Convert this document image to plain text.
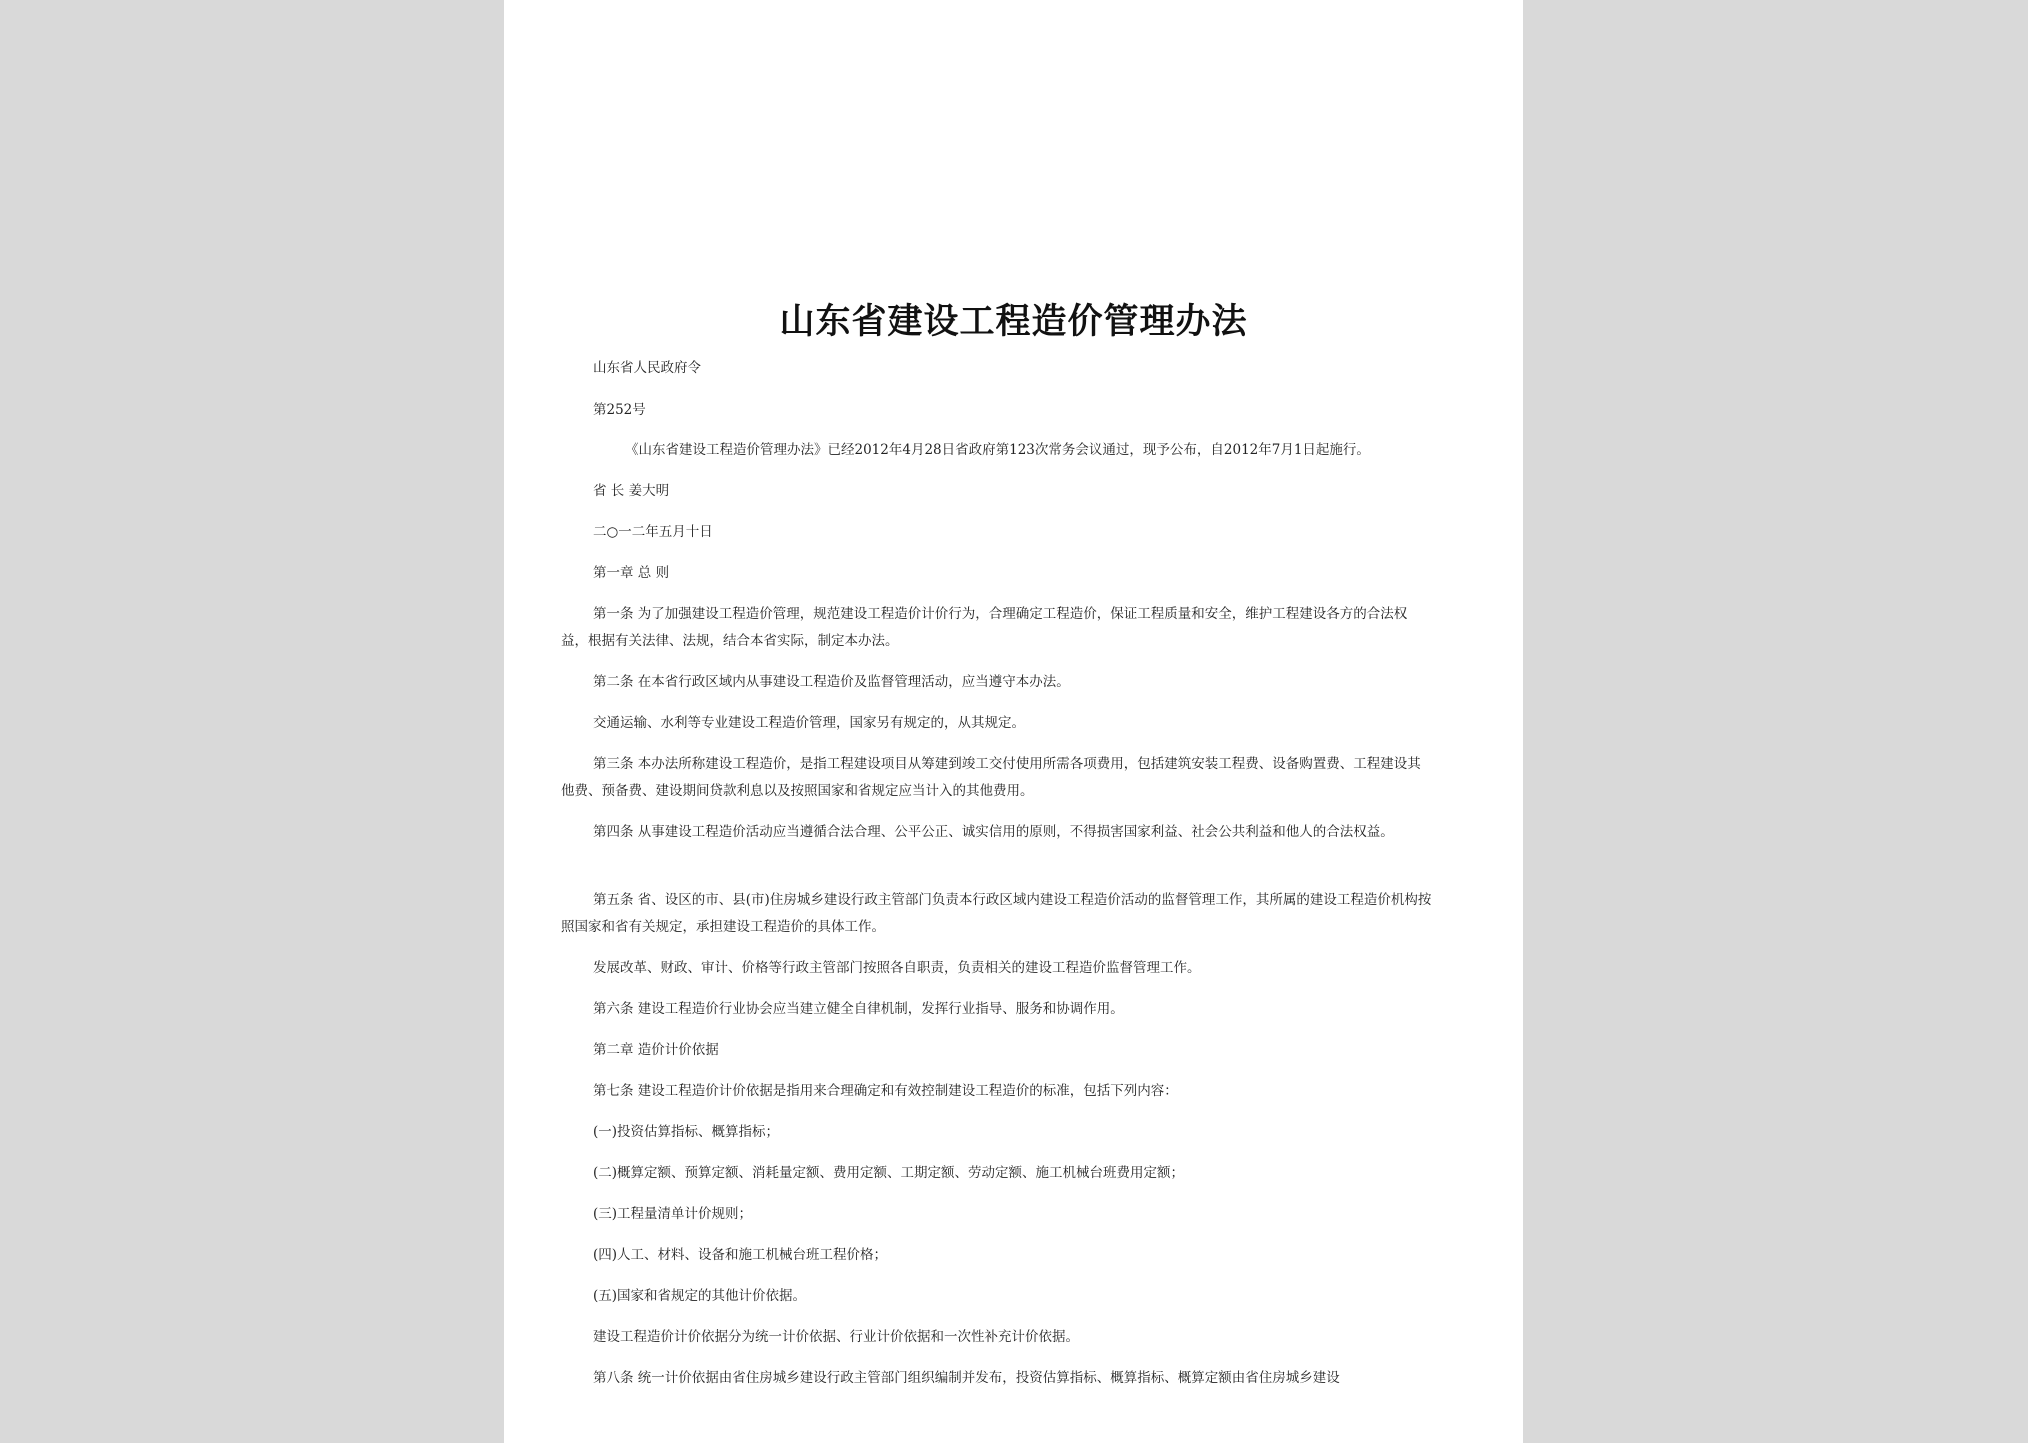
山东省建设工程造价管理办法

山东省人民政府令

第252号

《山东省建设工程造价管理办法》已经2012年4月28日省政府第123次常务会议通过，现予公布，自2012年7月1日起施行。

省 长 姜大明

二○一二年五月十日

第一章 总 则

第一条 为了加强建设工程造价管理，规范建设工程造价计价行为，合理确定工程造价，保证工程质量和安全，维护工程建设各方的合法权益，根据有关法律、法规，结合本省实际，制定本办法。

第二条 在本省行政区域内从事建设工程造价及监督管理活动，应当遵守本办法。

交通运输、水利等专业建设工程造价管理，国家另有规定的，从其规定。

第三条 本办法所称建设工程造价，是指工程建设项目从筹建到竣工交付使用所需各项费用，包括建筑安装工程费、设备购置费、工程建设其他费、预备费、建设期间贷款利息以及按照国家和省规定应当计入的其他费用。

第四条 从事建设工程造价活动应当遵循合法合理、公平公正、诚实信用的原则，不得损害国家利益、社会公共利益和他人的合法权益。

第五条 省、设区的市、县(市)住房城乡建设行政主管部门负责本行政区域内建设工程造价活动的监督管理工作，其所属的建设工程造价机构按照国家和省有关规定，承担建设工程造价的具体工作。

发展改革、财政、审计、价格等行政主管部门按照各自职责，负责相关的建设工程造价监督管理工作。

第六条 建设工程造价行业协会应当建立健全自律机制，发挥行业指导、服务和协调作用。

第二章 造价计价依据

第七条 建设工程造价计价依据是指用来合理确定和有效控制建设工程造价的标准，包括下列内容：

(一)投资估算指标、概算指标；

(二)概算定额、预算定额、消耗量定额、费用定额、工期定额、劳动定额、施工机械台班费用定额；

(三)工程量清单计价规则；

(四)人工、材料、设备和施工机械台班工程价格；

(五)国家和省规定的其他计价依据。

建设工程造价计价依据分为统一计价依据、行业计价依据和一次性补充计价依据。

第八条 统一计价依据由省住房城乡建设行政主管部门组织编制并发布，投资估算指标、概算指标、概算定额由省住房城乡建设
